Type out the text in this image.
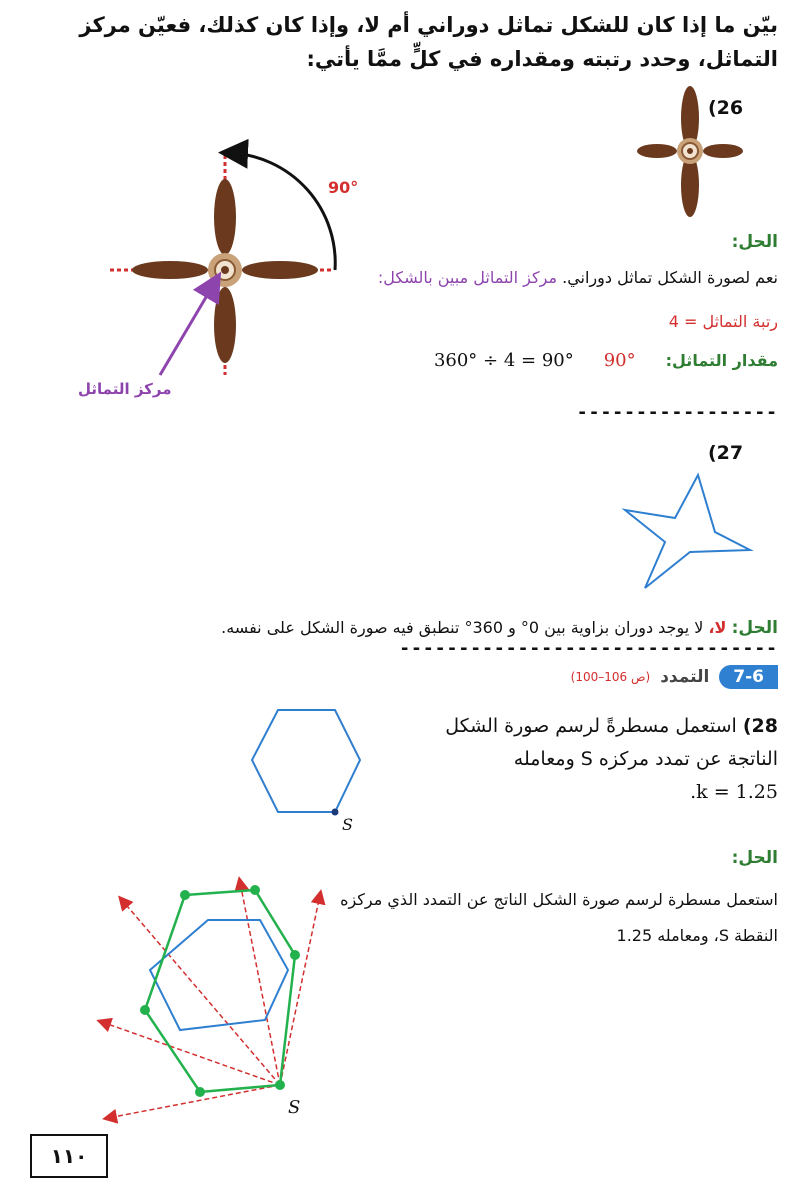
بيّن ما إذا كان للشكل تماثل دوراني أم لا، وإذا كان كذلك، فعيّن مركز التماثل، وحدد رتبته ومقداره في كلٍّ ممَّا يأتي:
(26
90°
مركز التماثل
الحل:
نعم لصورة الشكل تماثل دوراني. مركز التماثل مبين بالشكل:
رتبة التماثل = 4
مقدار التماثل:
90°
360° ÷ 4 = 90°
-----------------
(27
الحل: لا، لا يوجد دوران بزاوية بين 0° و 360° تنطبق فيه صورة الشكل على نفسه.
--------------------------------
(ص 106–100) التمدد	7-6
S
28) استعمل مسطرةً لرسم صورة الشكل
الناتجة عن تمدد مركزه S ومعامله
k = 1.25.
الحل:
استعمل مسطرة لرسم صورة الشكل الناتج عن التمدد الذي مركزه
النقطة S، ومعامله 1.25
S
١١٠
